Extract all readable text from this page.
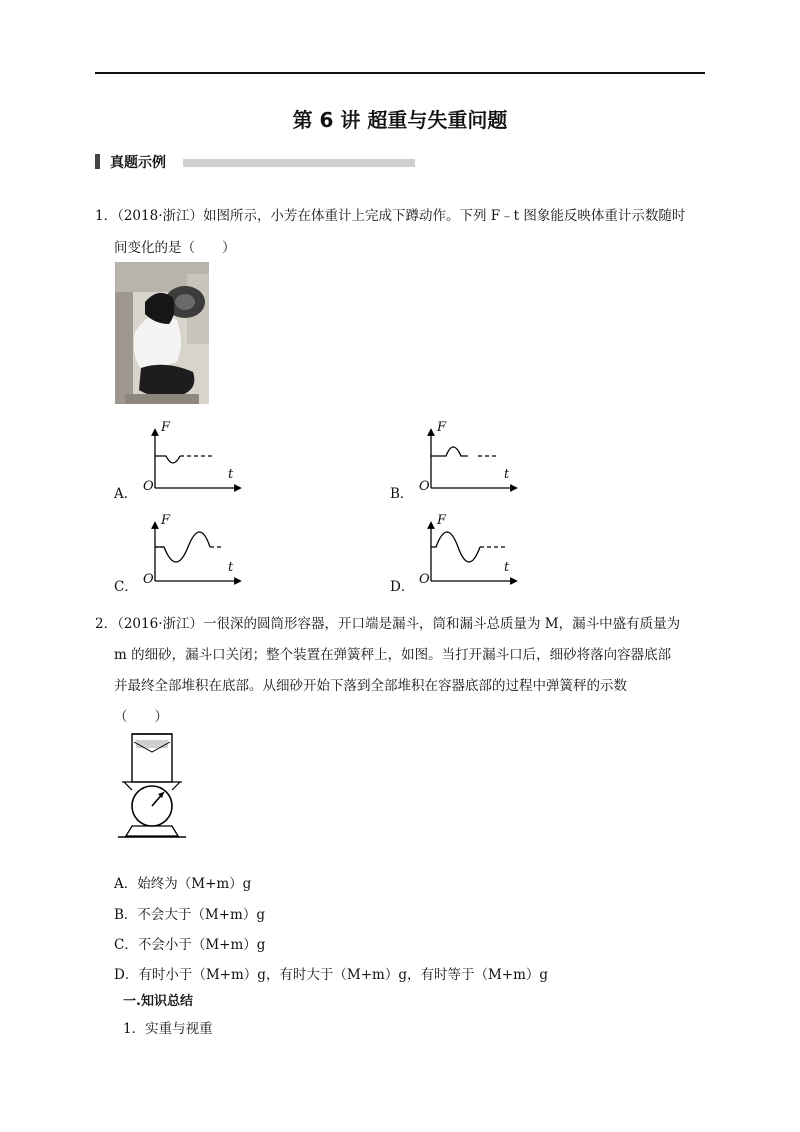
第 6 讲 超重与失重问题
真题示例
1．（2018·浙江）如图所示，小芳在体重计上完成下蹲动作。下列 F﹣t 图象能反映体重计示数随时
间变化的是（　　）
F
t
O
A．
F
t
O
B．
F
t
O
C．
F
t
O
D．
2．（2016·浙江）一很深的圆筒形容器，开口端是漏斗，筒和漏斗总质量为 M，漏斗中盛有质量为
m 的细砂，漏斗口关闭；整个装置在弹簧秤上，如图。当打开漏斗口后，细砂将落向容器底部
并最终全部堆积在底部。从细砂开始下落到全部堆积在容器底部的过程中弹簧秤的示数
（　　）
A．始终为（M+m）g
B．不会大于（M+m）g
C．不会小于（M+m）g
D．有时小于（M+m）g，有时大于（M+m）g，有时等于（M+m）g
一.知识总结
1．实重与视重
